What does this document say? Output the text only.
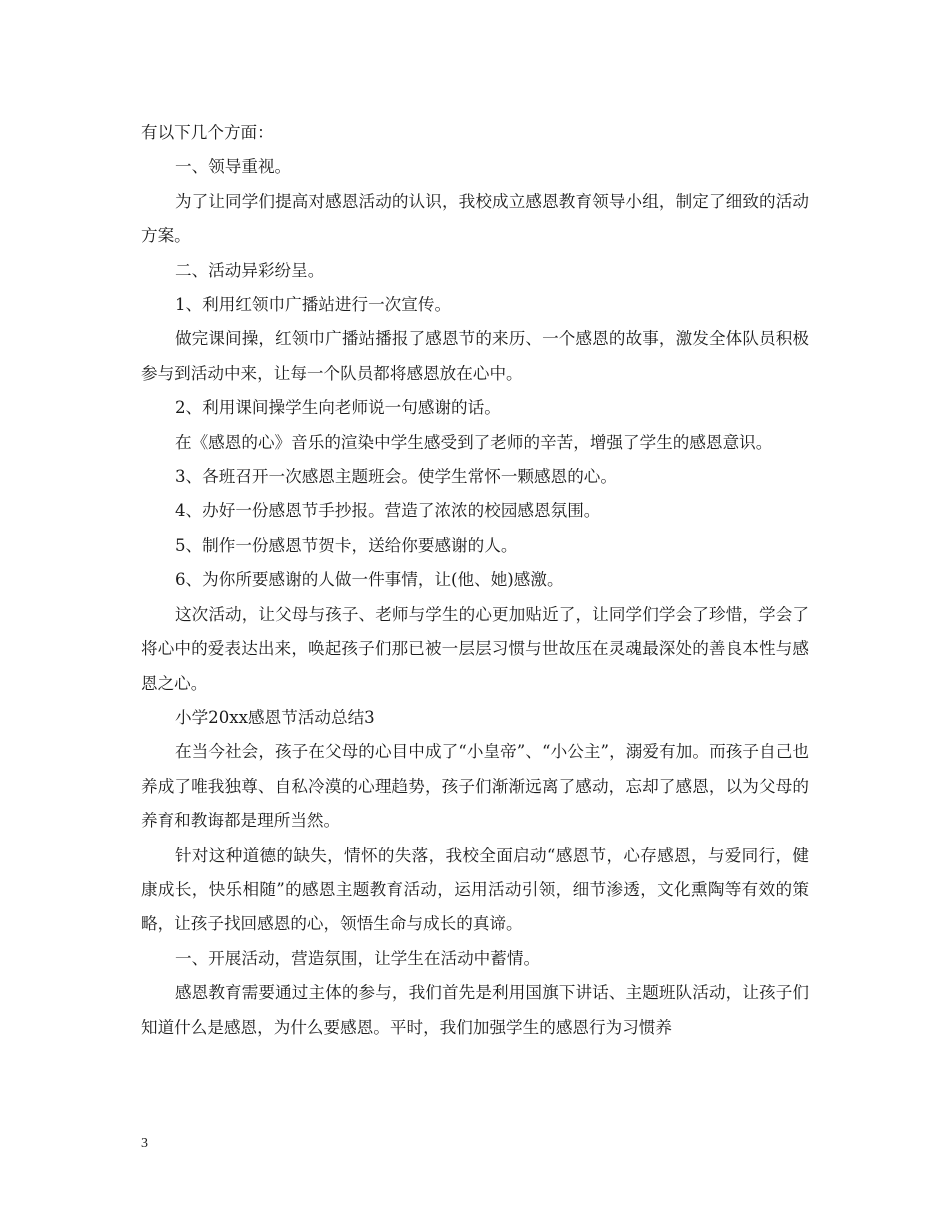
有以下几个方面：

一、领导重视。

为了让同学们提高对感恩活动的认识，我校成立感恩教育领导小组，制定了细致的活动方案。

二、活动异彩纷呈。

1、利用红领巾广播站进行一次宣传。

做完课间操，红领巾广播站播报了感恩节的来历、一个感恩的故事，激发全体队员积极参与到活动中来，让每一个队员都将感恩放在心中。

2、利用课间操学生向老师说一句感谢的话。

在《感恩的心》音乐的渲染中学生感受到了老师的辛苦，增强了学生的感恩意识。

3、各班召开一次感恩主题班会。使学生常怀一颗感恩的心。

4、办好一份感恩节手抄报。营造了浓浓的校园感恩氛围。

5、制作一份感恩节贺卡，送给你要感谢的人。

6、为你所要感谢的人做一件事情，让(他、她)感激。

这次活动，让父母与孩子、老师与学生的心更加贴近了，让同学们学会了珍惜，学会了将心中的爱表达出来，唤起孩子们那已被一层层习惯与世故压在灵魂最深处的善良本性与感恩之心。

小学20xx感恩节活动总结3

在当今社会，孩子在父母的心目中成了“小皇帝”、“小公主”，溺爱有加。而孩子自己也养成了唯我独尊、自私冷漠的心理趋势，孩子们渐渐远离了感动，忘却了感恩，以为父母的养育和教诲都是理所当然。

针对这种道德的缺失，情怀的失落，我校全面启动“感恩节，心存感恩，与爱同行，健康成长，快乐相随”的感恩主题教育活动，运用活动引领，细节渗透，文化熏陶等有效的策略，让孩子找回感恩的心，领悟生命与成长的真谛。

一、开展活动，营造氛围，让学生在活动中蓄情。

感恩教育需要通过主体的参与，我们首先是利用国旗下讲话、主题班队活动，让孩子们知道什么是感恩，为什么要感恩。平时，我们加强学生的感恩行为习惯养

3
